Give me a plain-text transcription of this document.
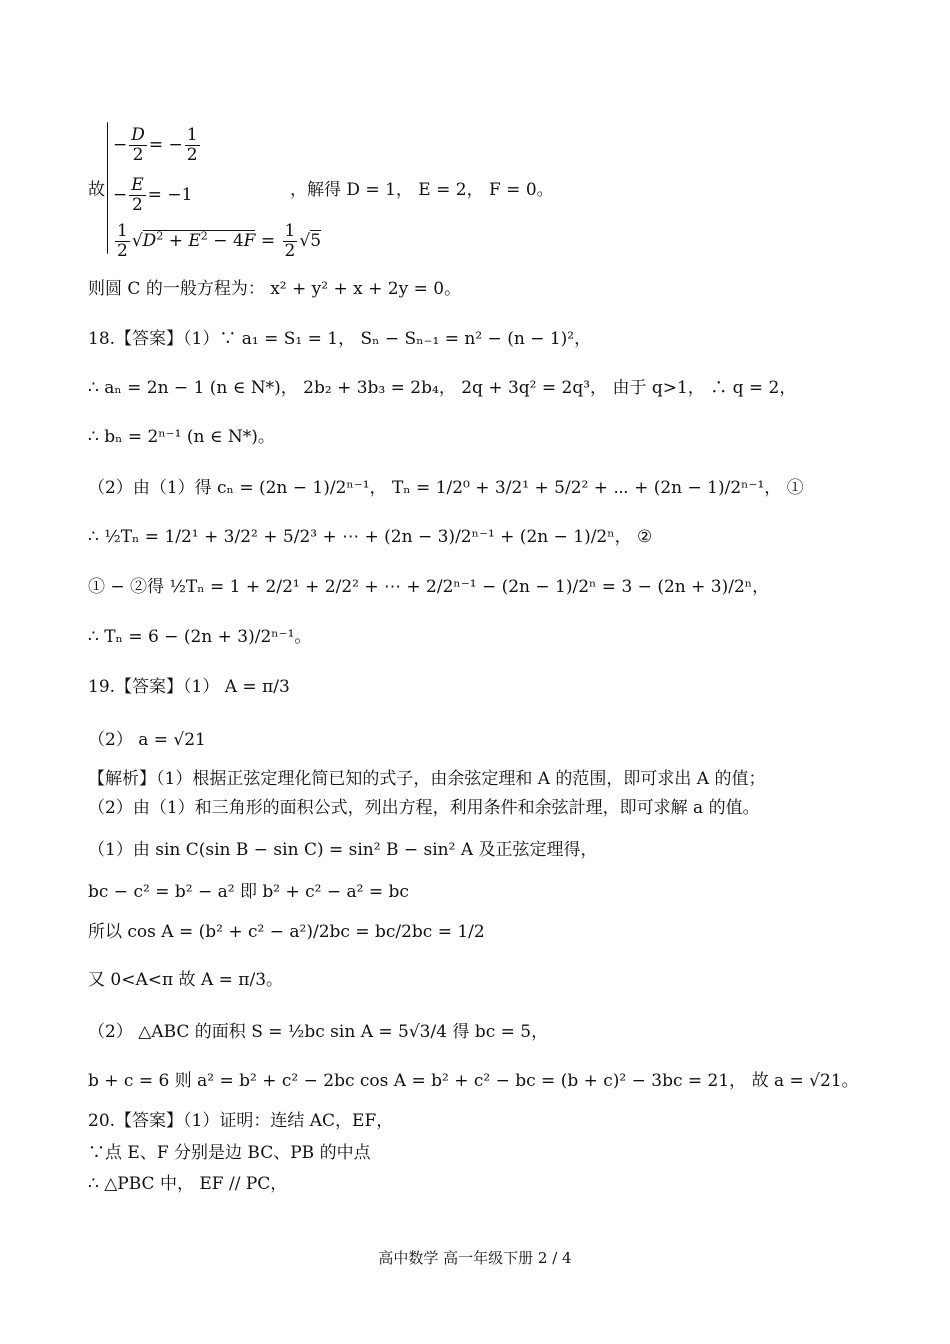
故
− $\frac{D}{2}$ = − $\frac{1}{2}$
− $\frac{E}{2} = -1$
$\frac{1}{2} √D^2 + E^2 - 4F = \frac{1}{2} √5$
，解得 D = 1， E = 2， F = 0。
则圆 C 的一般方程为： x² + y² + x + 2y = 0。
18.【答案】（1）∵ a₁ = S₁ = 1， Sₙ − Sₙ₋₁ = n² − (n − 1)²，
∴ aₙ = 2n − 1 (n ∈ N*)， 2b₂ + 3b₃ = 2b₄， 2q + 3q² = 2q³， 由于 q>1， ∴ q = 2，
∴ bₙ = 2ⁿ⁻¹ (n ∈ N*)。
（2）由（1）得 cₙ = (2n − 1)/2ⁿ⁻¹， Tₙ = 1/2⁰ + 3/2¹ + 5/2² + ⋯ + (2n − 1)/2ⁿ⁻¹， ①
∴ ½Tₙ = 1/2¹ + 3/2² + 5/2³ + ⋯ + (2n − 3)/2ⁿ⁻¹ + (2n − 1)/2ⁿ， ②
① − ②得 ½Tₙ = 1 + 2/2¹ + 2/2² + ⋯ + 2/2ⁿ⁻¹ − (2n − 1)/2ⁿ = 3 − (2n + 3)/2ⁿ，
∴ Tₙ = 6 − (2n + 3)/2ⁿ⁻¹。
19.【答案】（1） A = π/3
（2） a = √21
【解析】（1）根据正弦定理化简已知的式子，由余弦定理和 A 的范围，即可求出 A 的值；
（2）由（1）和三角形的面积公式，列出方程，利用条件和余弦計理，即可求解 a 的值。
（1）由 sin C(sin B − sin C) = sin² B − sin² A 及正弦定理得，
bc − c² = b² − a² 即 b² + c² − a² = bc
所以 cos A = (b² + c² − a²)/2bc = bc/2bc = 1/2
又 0<A<π 故 A = π/3。
（2） △ABC 的面积 S = ½bc sin A = 5√3/4 得 bc = 5，
b + c = 6 则 a² = b² + c² − 2bc cos A = b² + c² − bc = (b + c)² − 3bc = 21， 故 a = √21。
20.【答案】（1）证明：连结 AC，EF，
∵点 E、F 分别是边 BC、PB 的中点
∴ △PBC 中， EF // PC，
高中数学 高一年级下册 2 / 4
